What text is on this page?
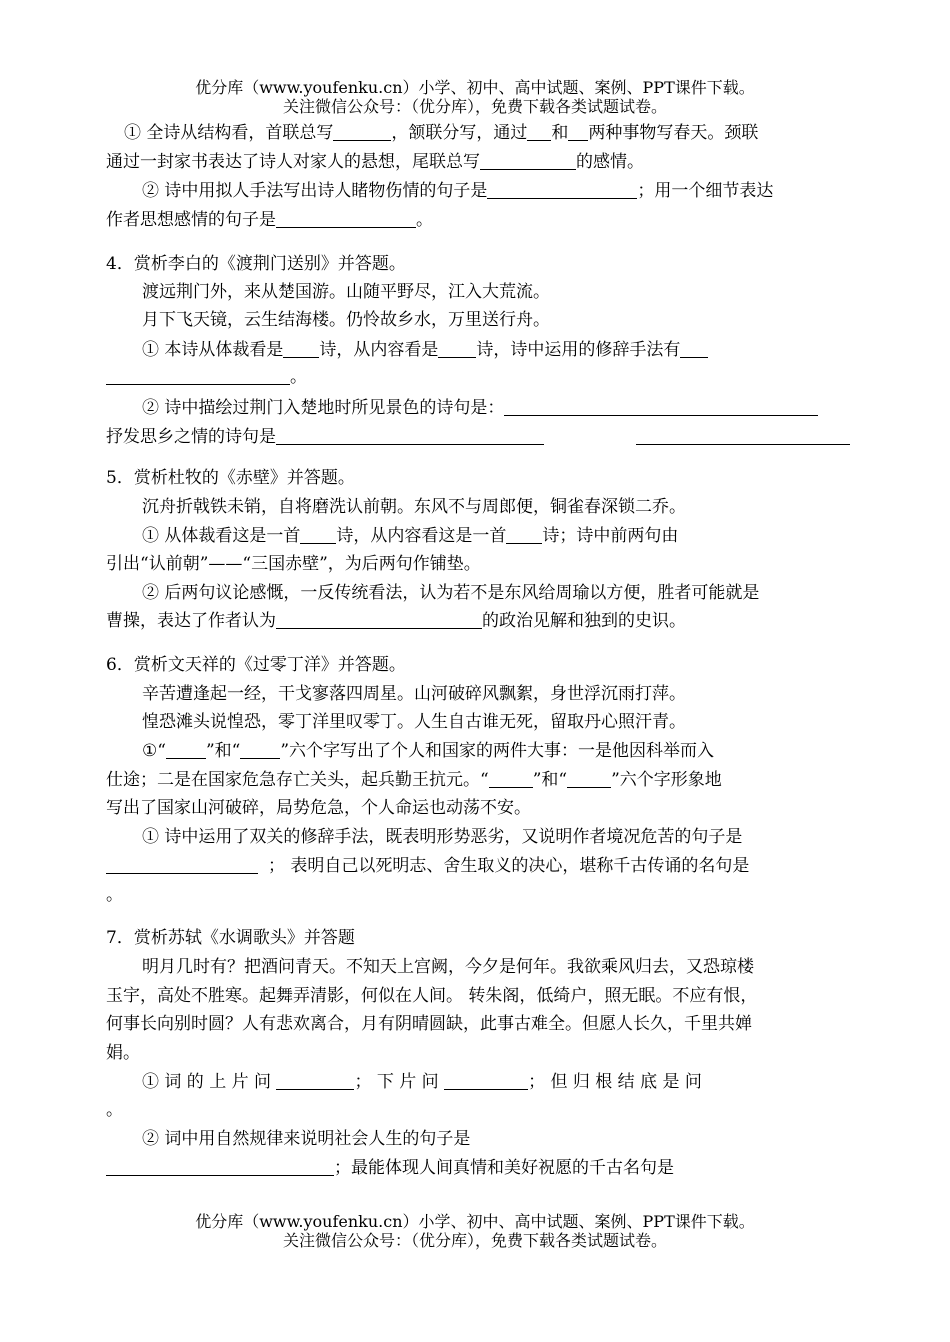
优分库（www.youfenku.cn）小学、初中、高中试题、案例、PPT课件下载。
关注微信公众号：（优分库），免费下载各类试题试卷。
① 全诗从结构看，首联总写	，颔联分写，通过 和 两种事物写春天。颈联
通过一封家书表达了诗人对家人的悬想，尾联总写	的感情。
② 诗中用拟人手法写出诗人睹物伤情的句子是	；用一个细节表达
作者思想感情的句子是	。
4．赏析李白的《渡荆门送别》并答题。
渡远荆门外，来从楚国游。山随平野尽，江入大荒流。
月下飞天镜，云生结海楼。仍怜故乡水，万里送行舟。
① 本诗从体裁看是 诗，从内容看是 诗，诗中运用的修辞手法有
。
② 诗中描绘过荆门入楚地时所见景色的诗句是：
抒发思乡之情的诗句是
5．赏析杜牧的《赤壁》并答题。
沉舟折戟铁未销，自将磨洗认前朝。东风不与周郎便，铜雀春深锁二乔。
① 从体裁看这是一首 诗，从内容看这是一首 诗；诗中前两句由
引出“认前朝”——“三国赤壁”，为后两句作铺垫。
② 后两句议论感慨，一反传统看法，认为若不是东风给周瑜以方便，胜者可能就是
曹操，表达了作者认为	的政治见解和独到的史识。
6．赏析文天祥的《过零丁洋》并答题。
辛苦遭逢起一经，干戈寥落四周星。山河破碎风飘絮，身世浮沉雨打萍。
惶恐滩头说惶恐，零丁洋里叹零丁。人生自古谁无死，留取丹心照汗青。
①“ ”和“ ”六个字写出了个人和国家的两件大事：一是他因科举而入
仕途；二是在国家危急存亡关头，起兵勤王抗元。“	”和“	”六个字形象地
写出了国家山河破碎，局势危急，个人命运也动荡不安。
① 诗中运用了双关的修辞手法，既表明形势恶劣，又说明作者境况危苦的句子是
； 表明自己以死明志、舍生取义的决心，堪称千古传诵的名句是
。
7．赏析苏轼《水调歌头》并答题
明月几时有？把酒问青天。不知天上宫阙，今夕是何年。我欲乘风归去，又恐琼楼
玉宇，高处不胜寒。起舞弄清影，何似在人间。 转朱阁，低绮户，照无眠。不应有恨，
何事长向别时圆？人有悲欢离合，月有阴晴圆缺，此事古难全。但愿人长久，千里共婵
娟。
① 词 的 上 片 问	； 下 片 问	； 但 归 根 结 底 是 问
。
② 词中用自然规律来说明社会人生的句子是
；最能体现人间真情和美好祝愿的千古名句是
优分库（www.youfenku.cn）小学、初中、高中试题、案例、PPT课件下载。
关注微信公众号：（优分库），免费下载各类试题试卷。
